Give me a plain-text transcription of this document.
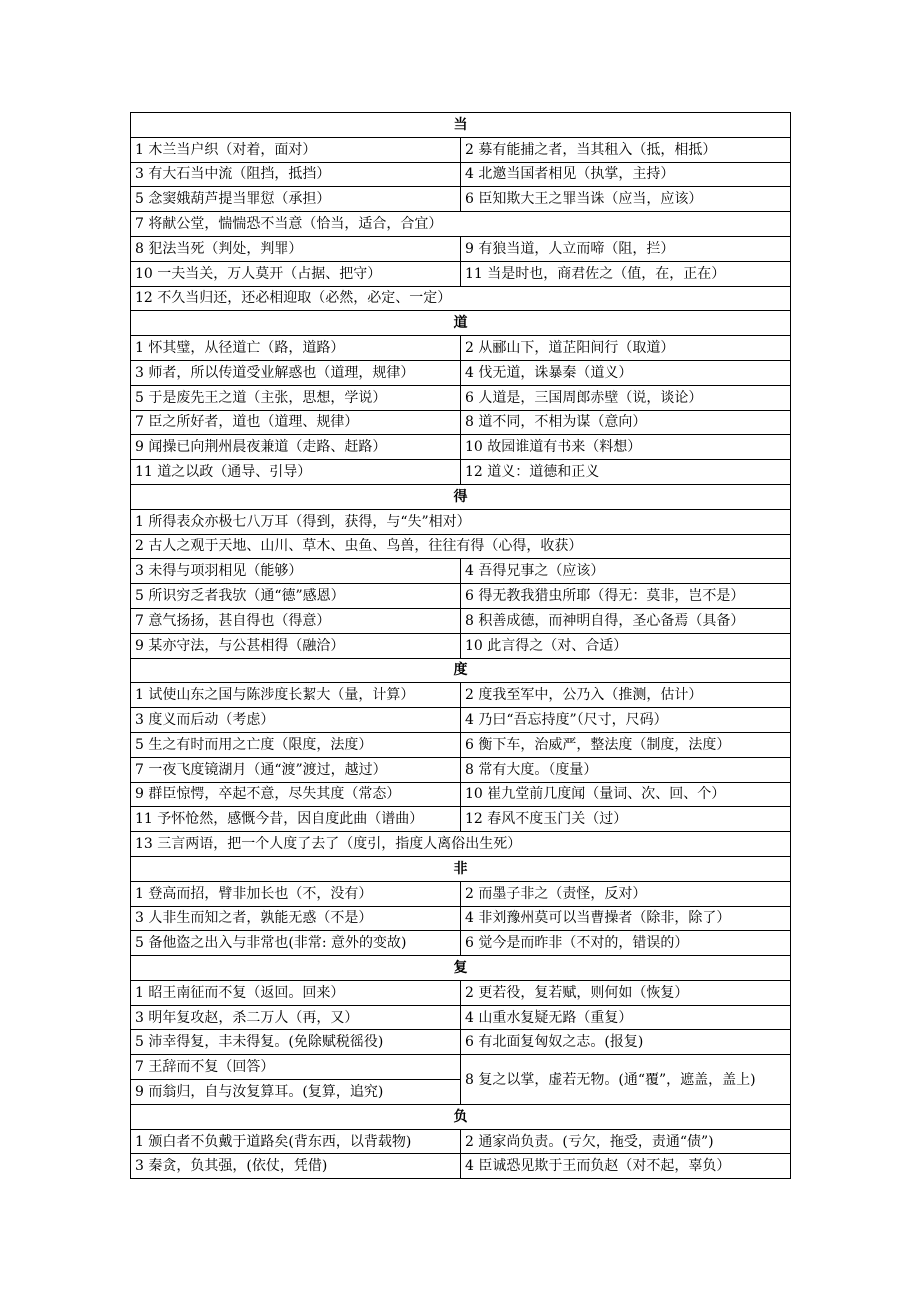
当	
1 木兰当户织（对着，面对）	2 募有能捕之者，当其租入（抵，相抵）
3 有大石当中流（阻挡，抵挡）	4 北邀当国者相见（执掌，主持）
5 念窦娥葫芦提当罪愆（承担）	6 臣知欺大王之罪当诛（应当，应该）
7 将献公堂，惴惴恐不当意（恰当，适合，合宜）	
8 犯法当死（判处，判罪）	9 有狼当道，人立而啼（阻，拦）
10 一夫当关，万人莫开（占据、把守）	11 当是时也，商君佐之（值，在，正在）
12 不久当归还，还必相迎取（必然，必定、一定）	
道	
1 怀其璧，从径道亡（路，道路）	2 从郦山下，道芷阳间行（取道）
3 师者，所以传道受业解惑也（道理，规律）	4 伐无道，诛暴秦（道义）
5 于是废先王之道（主张，思想，学说）	6 人道是，三国周郎赤壁（说，谈论）
7 臣之所好者，道也（道理、规律）	8 道不同，不相为谋（意向）
9 闻操已向荆州晨夜兼道（走路、赶路）	10 故园谁道有书来（料想）
11 道之以政（通导、引导）	12 道义：道德和正义
得	
1 所得表众亦极七八万耳（得到，获得，与“失”相对）	
2 古人之观于天地、山川、草木、虫鱼、鸟兽，往往有得（心得，收获）	
3 未得与项羽相见（能够）	4 吾得兄事之（应该）
5 所识穷乏者我欤（通“德”感恩）	6 得无教我猎虫所耶（得无：莫非，岂不是）
7 意气扬扬，甚自得也（得意）	8 积善成德，而神明自得，圣心备焉（具备）
9 某亦守法，与公甚相得（融洽）	10 此言得之（对、合适）
度	
1 试使山东之国与陈涉度长絜大（量，计算）	2 度我至军中，公乃入（推测，估计）
3 度义而后动（考虑）	4 乃曰“吾忘持度”（尺寸，尺码）
5 生之有时而用之亡度（限度，法度）	6 衡下车，治威严，整法度（制度，法度）
7 一夜飞度镜湖月（通“渡”渡过，越过）	8 常有大度。（度量）
9 群臣惊愕，卒起不意，尽失其度（常态）	10 崔九堂前几度闻（量词、次、回、个）
11 予怀怆然，感慨今昔，因自度此曲（谱曲）	12 春风不度玉门关（过）
13 三言两语，把一个人度了去了（度引，指度人离俗出生死）	
非	
1 登高而招，臂非加长也（不，没有）	2 而墨子非之（责怪，反对）
3 人非生而知之者，孰能无惑（不是）	4 非刘豫州莫可以当曹操者（除非，除了）
5 备他盗之出入与非常也(非常: 意外的变故)	6 觉今是而昨非（不对的，错误的）
复	
1 昭王南征而不复（返回。回来）	2 更若役，复若赋，则何如（恢复）
3 明年复攻赵，杀二万人（再，又）	4 山重水复疑无路（重复）
5 沛幸得复，丰未得复。(免除赋税徭役)	6 有北面复匈奴之志。(报复)
7 王辞而不复（回答）	8 复之以掌，虚若无物。(通“覆”，遮盖，盖上)
9 而翁归，自与汝复算耳。(复算，追究)	
负	
1 颁白者不负戴于道路矣(背东西，以背载物)	2 通家尚负责。(亏欠，拖受，责通“债”)
3 秦贪，负其强，(依仗，凭借)	4 臣诚恐见欺于王而负赵（对不起，辜负）
